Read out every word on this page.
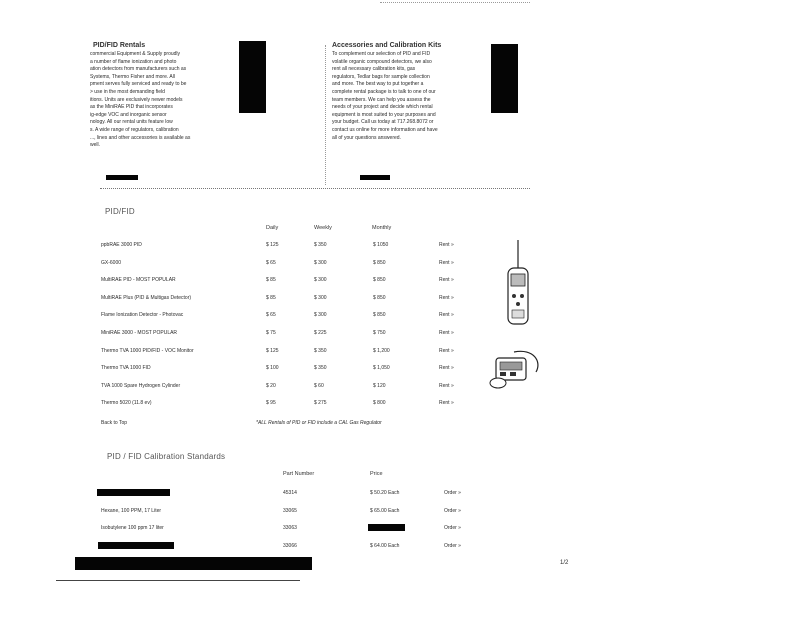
PID/FID Rentals
commercial Equipment & Supply proudly
a number of flame ionization and photo
ation detectors from manufacturers such as
Systems, Thermo Fisher and more. All
pment serves fully serviced and ready to be
> use in the most demanding field
itions. Units are exclusively newer models
as the MiniRAE PID that incorporates
ig-edge VOC and inorganic sensor
nology. All our rental units feature low
s. A wide range of regulators, calibration
..., lines and other accessories is available as
well.
Accessories and Calibration Kits
To complement our selection of PID and FID
volatile organic compound detectors, we also
rent all necessary calibration kits, gas
regulators, Tedlar bags for sample collection
and more. The best way to put together a
complete rental package is to talk to one of our
team members. We can help you assess the
needs of your project and decide which rental
equipment is most suited to your purposes and
your budget. Call us today at 717.268.8072 or
contact us online for more information and have
all of your questions answered.
PID/FID
Daily	Weekly	Monthly
ppbRAE 3000 PID	$ 125	$ 350	$ 1050	Rent »
GX-6000	$ 65	$ 300	$ 850	Rent »
MultiRAE PID - MOST POPULAR	$ 85	$ 300	$ 850	Rent »
MultiRAE Plus (PID & Multigas Detector)	$ 85	$ 300	$ 850	Rent »
Flame Ionization Detector - Photovac	$ 65	$ 300	$ 850	Rent »
MiniRAE 3000 - MOST POPULAR	$ 75	$ 225	$ 750	Rent »
Thermo TVA 1000 PID/FID - VOC Monitor	$ 125	$ 350	$ 1,200	Rent »
Thermo TVA 1000 FID	$ 100	$ 350	$ 1,050	Rent »
TVA 1000 Spare Hydrogen Cylinder	$ 20	$ 60	$ 120	Rent »
Thermo 5020 (11.8 ev)	$ 95	$ 275	$ 800	Rent »
Back to Top	*ALL Rentals of PID or FID include a CAL Gas Regulator
PID / FID Calibration Standards
Part Number	Price
45314	$ 50.20 Each	Order »
Hexane, 100 PPM, 17 Liter	33065	$ 65.00 Each	Order »
Isobutylene 100 ppm 17 liter	33063	Order »
33066	$ 64.00 Each	Order »
1/2
